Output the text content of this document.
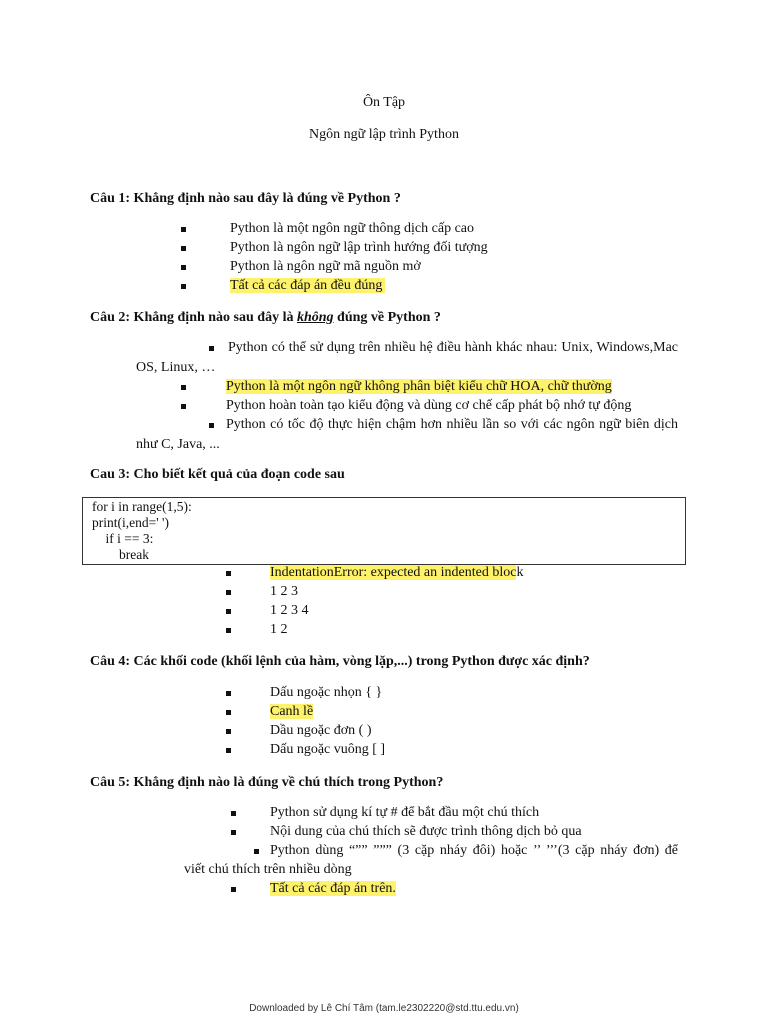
Ôn Tập
Ngôn ngữ lập trình Python
Câu 1: Khẳng định nào sau đây là đúng về Python ?
Python là một ngôn ngữ thông dịch cấp cao
Python là ngôn ngữ lập trình hướng đối tượng
Python là ngôn ngữ mã nguồn mở
Tất cả các đáp án đều đúng
Câu 2: Khẳng định nào sau đây là không đúng về Python ?
Python có thể sử dụng trên nhiều hệ điều hành khác nhau: Unix, Windows,Mac
OS, Linux, …
Python là một ngôn ngữ không phân biệt kiểu chữ HOA, chữ thường
Python hoàn toàn tạo kiểu động và dùng cơ chế cấp phát bộ nhớ tự động
Python có tốc độ thực hiện chậm hơn nhiều lần so với các ngôn ngữ biên dịch
như C, Java, ...
Cau 3: Cho biết kết quả của đoạn code sau
for i in range(1,5):
print(i,end=' ')
if i == 3:
break
IndentationError: expected an indented block
1 2 3
1 2 3 4
1 2
Câu 4: Các khối code (khối lệnh của hàm, vòng lặp,...) trong Python được xác định?
Dấu ngoặc nhọn { }
Canh lề
Dầu ngoặc đơn ( )
Dấu ngoặc vuông [ ]
Câu 5: Khẳng định nào là đúng về chú thích trong Python?
Python sử dụng kí tự # để bắt đầu một chú thích
Nội dung của chú thích sẽ được trình thông dịch bỏ qua
Python dùng “”” ””” (3 cặp nháy đôi) hoặc ’’ ’’’(3 cặp nháy đơn) để
viết chú thích trên nhiều dòng
Tất cả các đáp án trên.
Downloaded by Lê Chí Tâm (tam.le2302220@std.ttu.edu.vn)
